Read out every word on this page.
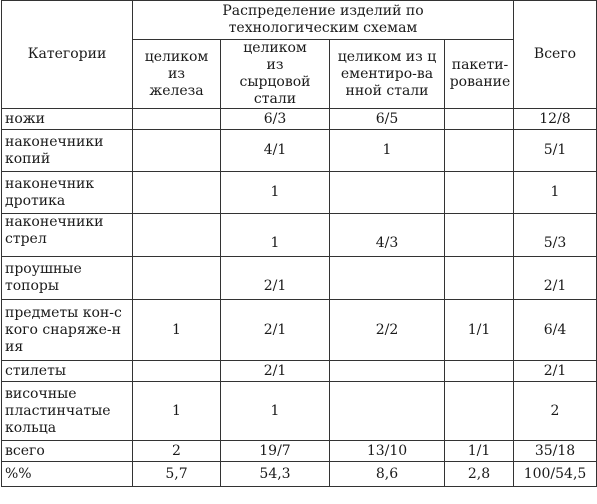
Категории	Распределение изделий по технологическим схемам				Всего

	целиком из железа	целиком из сырцовой стали	целиком из цементиро-ванной стали	пакети-рование	

ножи		6/3	6/5		12/8
наконечники копий		4/1	1		5/1
наконечник дротика		1			1
наконечники стрел		1	4/3		5/3
проушные топоры		2/1			2/1
предметы кон-ского снаряже-ния	1	2/1	2/2	1/1	6/4
стилеты		2/1			2/1
височные пластинчатые кольца	1	1			2
всего	2	19/7	13/10	1/1	35/18
%%	5,7	54,3	8,6	2,8	100/54,5
